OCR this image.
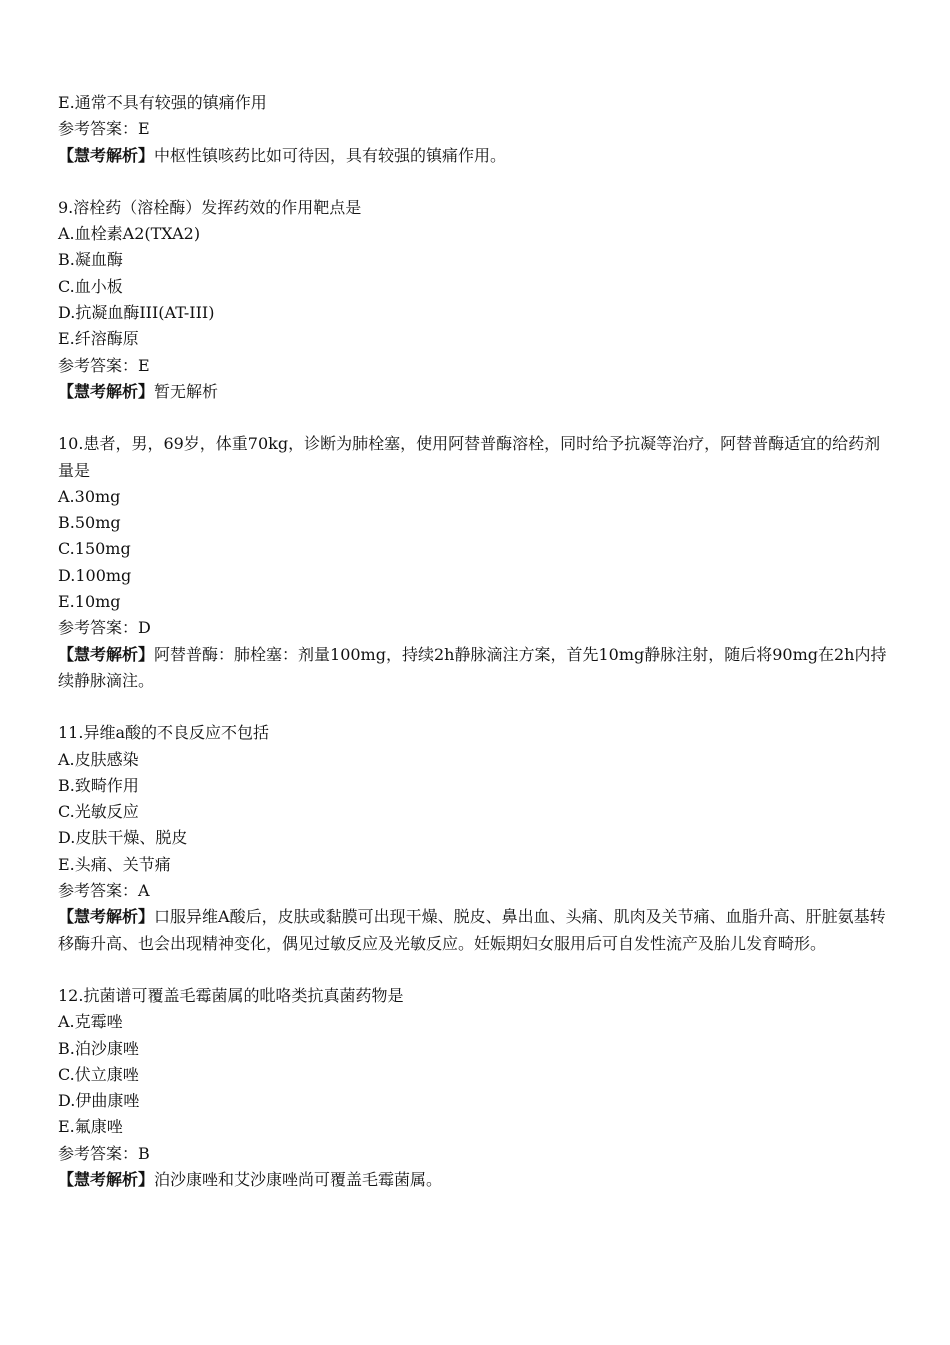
E.通常不具有较强的镇痛作用
参考答案：E
【慧考解析】中枢性镇咳药比如可待因，具有较强的镇痛作用。
9.溶栓药（溶栓酶）发挥药效的作用靶点是
A.血栓素A2(TXA2)
B.凝血酶
C.血小板
D.抗凝血酶III(AT-III)
E.纤溶酶原
参考答案：E
【慧考解析】暂无解析
10.患者，男，69岁，体重70kg，诊断为肺栓塞，使用阿替普酶溶栓，同时给予抗凝等治疗，阿替普酶适宜的给药剂量是
A.30mg
B.50mg
C.150mg
D.100mg
E.10mg
参考答案：D
【慧考解析】阿替普酶：肺栓塞：剂量100mg，持续2h静脉滴注方案，首先10mg静脉注射，随后将90mg在2h内持续静脉滴注。
11.异维a酸的不良反应不包括
A.皮肤感染
B.致畸作用
C.光敏反应
D.皮肤干燥、脱皮
E.头痛、关节痛
参考答案：A
【慧考解析】口服异维A酸后，皮肤或黏膜可出现干燥、脱皮、鼻出血、头痛、肌肉及关节痛、血脂升高、肝脏氨基转移酶升高、也会出现精神变化，偶见过敏反应及光敏反应。妊娠期妇女服用后可自发性流产及胎儿发育畸形。
12.抗菌谱可覆盖毛霉菌属的吡咯类抗真菌药物是
A.克霉唑
B.泊沙康唑
C.伏立康唑
D.伊曲康唑
E.氟康唑
参考答案：B
【慧考解析】泊沙康唑和艾沙康唑尚可覆盖毛霉菌属。
